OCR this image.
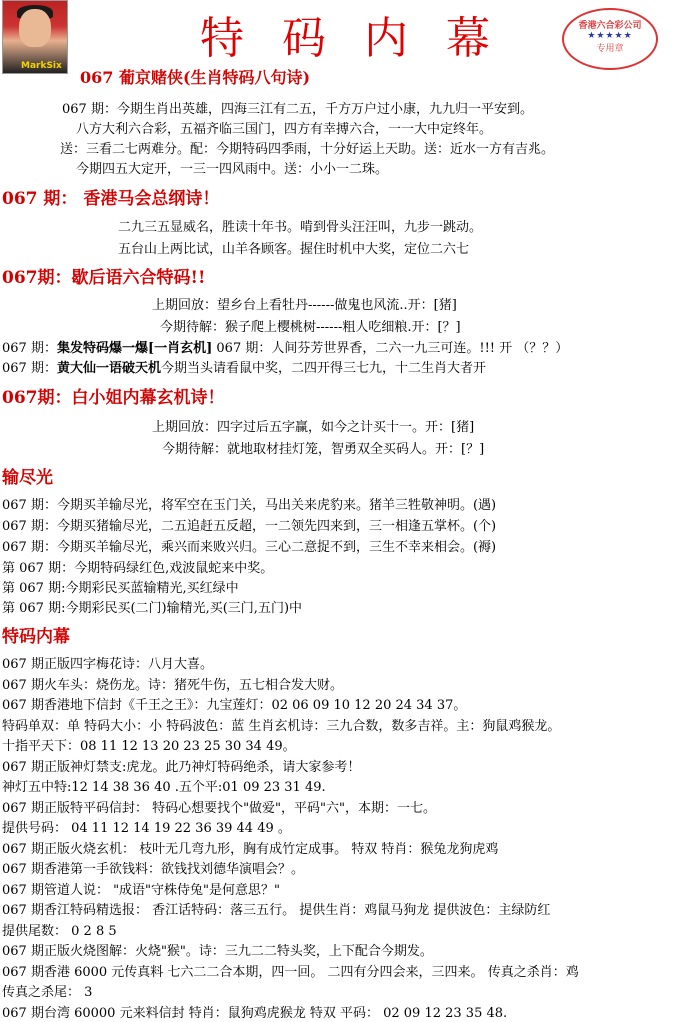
MarkSix
特码内幕	香港六合彩公司
★★★★★
专用章
067 葡京赌侠(生肖特码八句诗)
067 期：今期生肖出英雄，四海三江有二五，千方万户过小康，九九归一平安到。
八方大利六合彩，五福齐临三国门，四方有幸搏六合，一一大中定终年。
送：三看二七两难分。配：今期特码四季雨，十分好运上天助。送：近水一方有吉兆。
今期四五大定开，一三一四风雨中。送：小小一二珠。
067 期： 香港马会总纲诗！
二九三五显威名，胜读十年书。啃到骨头汪汪叫，九步一跳动。
五台山上两比试，山羊各顾客。握住时机中大奖，定位二六七
067期：歇后语六合特码!!
上期回放：望乡台上看牡丹------做鬼也风流..开：[猪]
今期待解：猴子爬上樱桃树------粗人吃细粮.开：[？]
067 期：集发特码爆一爆[一肖玄机] 067 期：人间芬芳世界香，二六一九三可连。!!! 开 （？？）
067 期：黄大仙一语破天机今期当头请看鼠中奖，二四开得三七九，十二生肖大者开
067期：白小姐内幕玄机诗！
上期回放：四字过后五字赢，如今之计买十一。开：[猪]
今期待解：就地取材挂灯笼，智勇双全买码人。开：[？]
输尽光
067 期：今期买羊输尽光，将军空在玉门关，马出关来虎豹来。猪羊三牲敬神明。(遇)
067 期：今期买猪输尽光，二五追赶五反超，一二领先四来到，三一相逢五掌杯。(个)
067 期：今期买羊输尽光，乘兴而来败兴归。三心二意捉不到，三生不幸来相会。(褥)
第 067 期：今期特码绿红色,戏波鼠蛇来中奖。
第 067 期:今期彩民买蓝输精光,买红绿中
第 067 期:今期彩民买(二门)输精光,买(三门,五门)中
特码内幕
067 期正版四字梅花诗：八月大喜。
067 期火车头：烧伤龙。诗：猪死牛伤，五七相合发大财。
067 期香港地下信封《千王之王》：九宝莲灯：02 06 09 10 12 20 24 34 37。
特码单双：单 特码大小：小 特码波色：蓝 生肖玄机诗：三九合数，数多吉祥。主：狗鼠鸡猴龙。
十指平天下：08 11 12 13 20 23 25 30 34 49。
067 期正版神灯禁支:虎龙。此乃神灯特码绝杀，请大家参考！
神灯五中特:12 14 38 36 40 .五个平:01 09 23 31 49.
067 期正版特平码信封： 特码心想要找个"做爱"，平码"六"，本期：一七。
提供号码： 04 11 12 14 19 22 36 39 44 49 。
067 期正版火烧玄机： 枝叶无几弯九形，胸有成竹定成事。 特双 特肖：猴兔龙狗虎鸡
067 期香港第一手欲钱料：欲钱找刘德华演唱会？。
067 期管道人说： "成语"守株侍兔"是何意思？"
067 期香江特码精选报： 香江话特码：落三五行。 提供生肖：鸡鼠马狗龙 提供波色：主绿防红
提供尾数： 0 2 8 5
067 期正版火烧图解：火烧"猴"。诗：三九二二特头奖，上下配合今期发。
067 期香港 6000 元传真料 七六二二合本期，四一回。 二四有分四会来，三四来。 传真之杀肖：鸡
传真之杀尾： 3
067 期台湾 60000 元来料信封 特肖：鼠狗鸡虎猴龙 特双 平码： 02 09 12 23 35 48.
